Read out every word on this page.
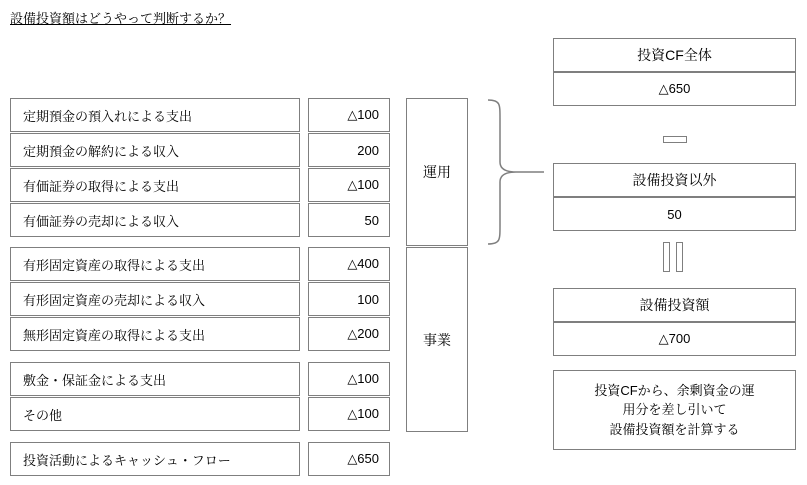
設備投資額はどうやって判断するか？
定期預金の預入れによる支出
定期預金の解約による収入
有価証券の取得による支出
有価証券の売却による収入
有形固定資産の取得による支出
有形固定資産の売却による収入
無形固定資産の取得による支出
敷金・保証金による支出
その他
投資活動によるキャッシュ・フロー
△100
200
△100
50
△400
100
△200
△100
△100
△650
運用
事業
投資CF全体
△650
設備投資以外
50
設備投資額
△700
投資CFから、余剰資金の運
用分を差し引いて
設備投資額を計算する
